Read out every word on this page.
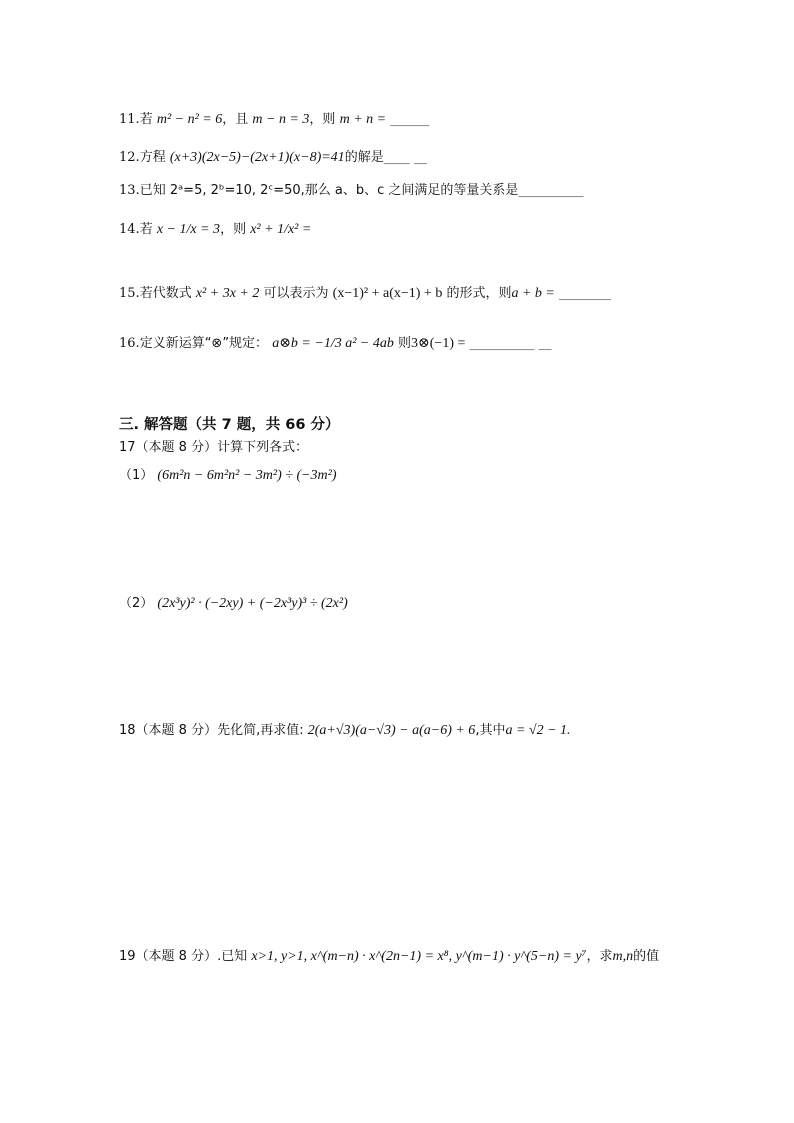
11.若 m² − n² = 6，且 m − n = 3，则 m + n = ______
12.方程 (x+3)(2x−5)−(2x+1)(x−8)=41的解是____ __
13.已知 2ᵃ=5, 2ᵇ=10, 2ᶜ=50,那么 a、b、c 之间满足的等量关系是__________
14.若 x − 1/x = 3，则 x² + 1/x² =
15.若代数式 x² + 3x + 2 可以表示为 (x−1)² + a(x−1) + b 的形式，则a + b = ________
16.定义新运算“⊗”规定： a⊗b = −1/3 a² − 4ab 则3⊗(−1) = __________ __
三. 解答题（共 7 题，共 66 分）
17（本题 8 分）计算下列各式：
（1） (6m²n − 6m²n² − 3m²) ÷ (−3m²)
（2） (2x³y)² · (−2xy) + (−2x³y)³ ÷ (2x²)
18（本题 8 分）先化简,再求值: 2(a+√3)(a−√3) − a(a−6) + 6,其中a = √2 − 1.
19（本题 8 分）.已知 x>1, y>1, x^(m−n) · x^(2n−1) = x⁸, y^(m−1) · y^(5−n) = y⁷，求m,n的值
